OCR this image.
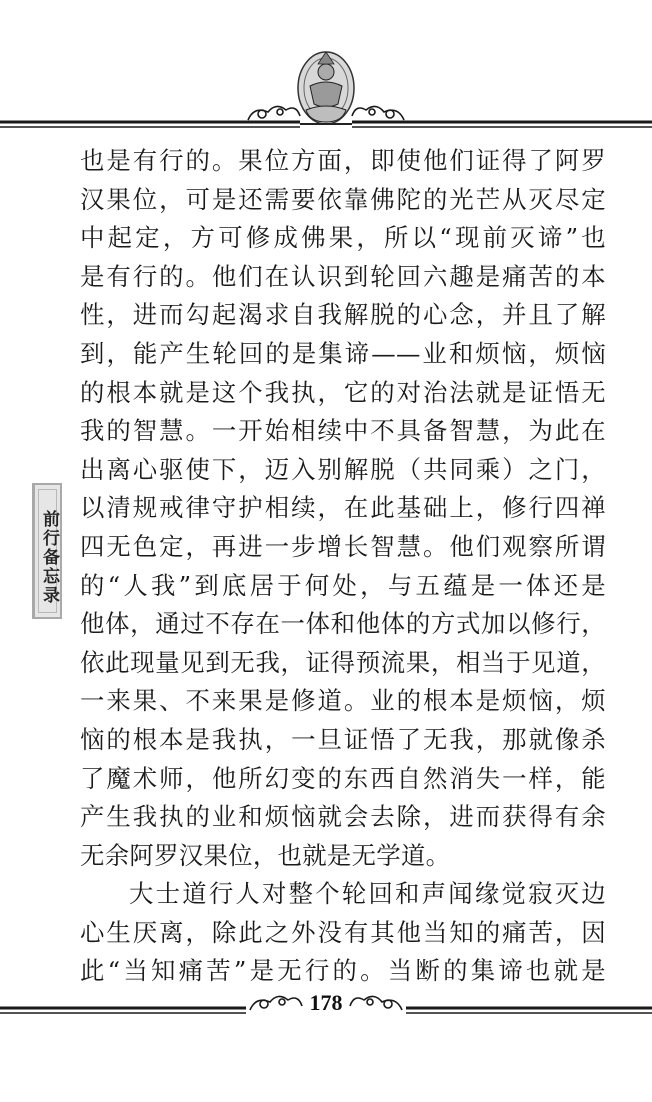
也是有行的。果位方面，即使他们证得了阿罗
汉果位，可是还需要依靠佛陀的光芒从灭尽定
中起定，方可修成佛果，所以“现前灭谛”也
是有行的。他们在认识到轮回六趣是痛苦的本
性，进而勾起渴求自我解脱的心念，并且了解
到，能产生轮回的是集谛——业和烦恼，烦恼
的根本就是这个我执，它的对治法就是证悟无
我的智慧。一开始相续中不具备智慧，为此在
出离心驱使下，迈入别解脱（共同乘）之门，
以清规戒律守护相续，在此基础上，修行四禅
四无色定，再进一步增长智慧。他们观察所谓
的“人我”到底居于何处，与五蕴是一体还是
他体，通过不存在一体和他体的方式加以修行，
依此现量见到无我，证得预流果，相当于见道，
一来果、不来果是修道。业的根本是烦恼，烦
恼的根本是我执，一旦证悟了无我，那就像杀
了魔术师，他所幻变的东西自然消失一样，能
产生我执的业和烦恼就会去除，进而获得有余
无余阿罗汉果位，也就是无学道。
大士道行人对整个轮回和声闻缘觉寂灭边
心生厌离，除此之外没有其他当知的痛苦，因
此“当知痛苦”是无行的。当断的集谛也就是
前行备忘录
178
